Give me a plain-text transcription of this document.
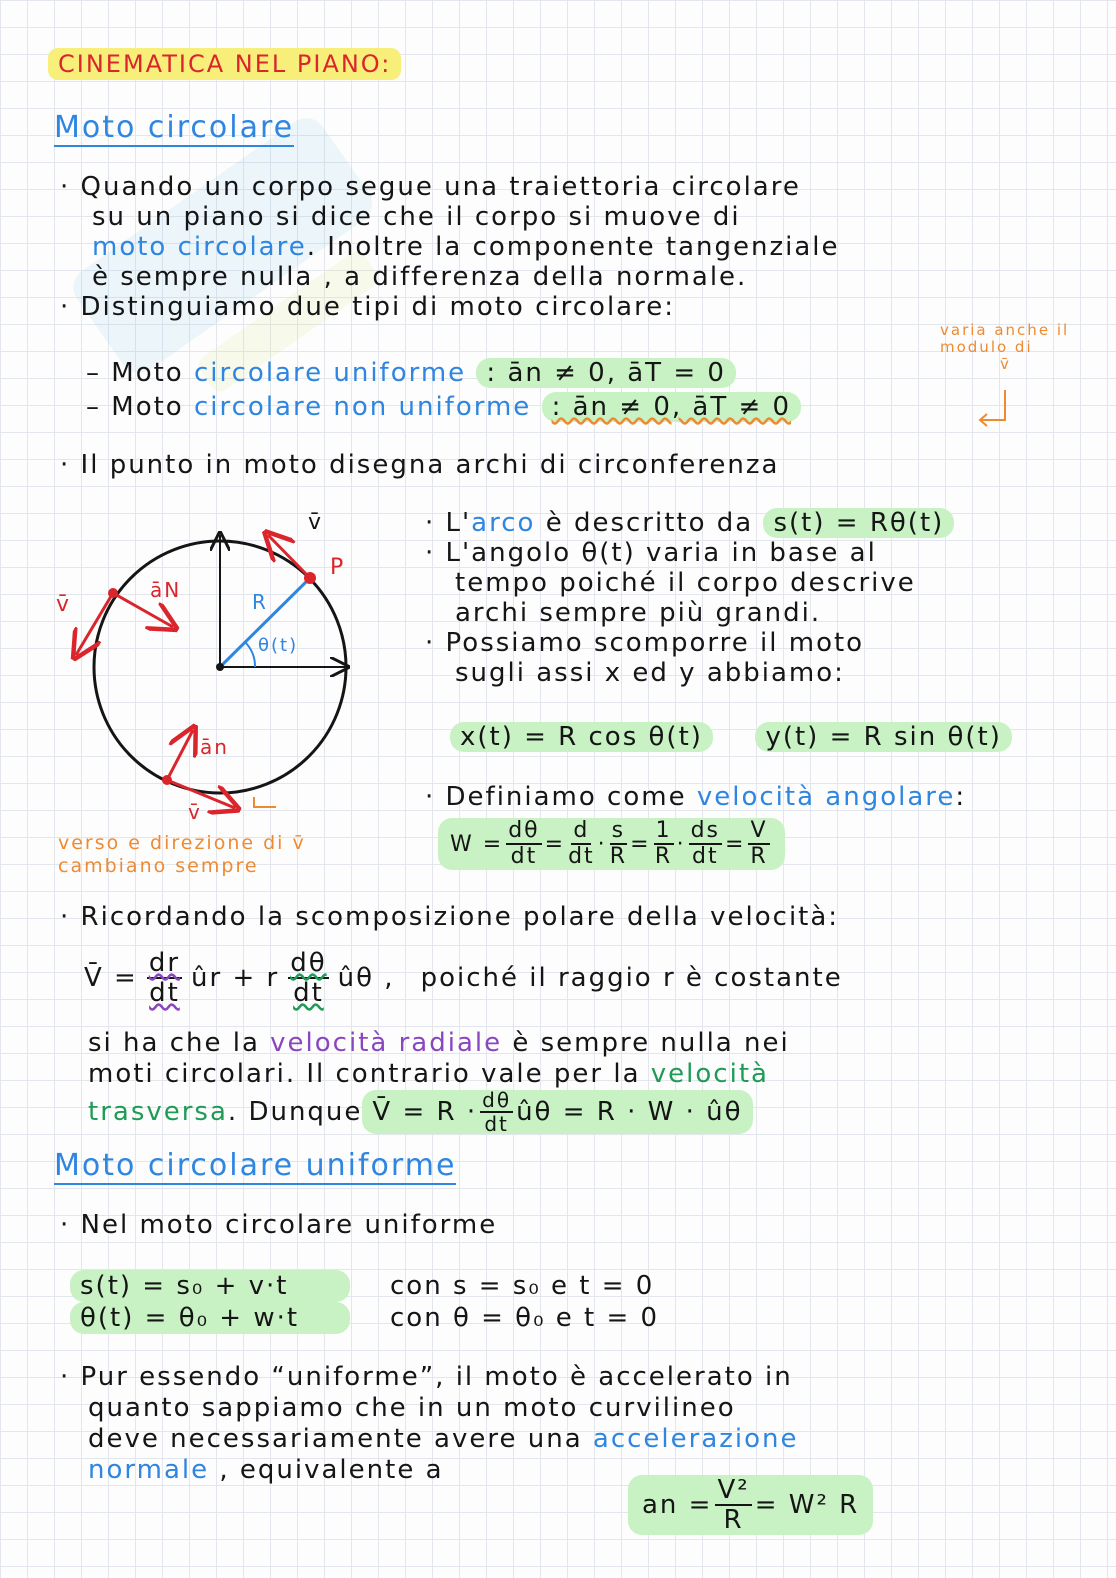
CINEMATICA NEL PIANO:
Moto circolare
· Quando un corpo segue una traiettoria circolare
su un piano si dice che il corpo si muove di
moto circolare. Inoltre la componente tangenziale
è sempre nulla , a differenza della normale.
· Distinguiamo due tipi di moto circolare:
varia anche il modulo di
v̄
– Moto circolare uniforme : ān ≠ 0, āT = 0
– Moto circolare non uniforme : ān ≠ 0, āT ≠ 0
· Il punto in moto disegna archi di circonferenza
v̄
P
v̄
āN	R
θ(t)
ān
v̄
verso e direzione di v̄
cambiano sempre
· L'arco è descritto da s(t) = Rθ(t)
· L'angolo θ(t) varia in base al
tempo poiché il corpo descrive
archi sempre più grandi.
· Possiamo scomporre il moto
sugli assi x ed y abbiamo:
x(t) = R cos θ(t) y(t) = R sin θ(t)
· Definiamo come velocità angolare:
$W = \frac{d\theta}{dt} = \frac{d}{dt} \cdot \frac{s}{R} = \frac{1}{R} \cdot \frac{ds}{dt} = \frac{V}{R}$
· Ricordando la scomposizione polare della velocità:
V̄ = $\frac{dr}{dt}$ ûr + r $\frac{d\theta}{dt}$ ûθ , poiché il raggio r è costante
si ha che la velocità radiale è sempre nulla nei
moti circolari. Il contrario vale per la velocità
trasversa . Dunque V̄ = $R \cdot \frac{d\theta}{dt}$ ûθ = R · W · ûθ
Moto circolare uniforme
· Nel moto circolare uniforme
s(t) = s₀ + v·t	con s = s₀ e t = 0
θ(t) = θ₀ + w·t	con θ = θ₀ e t = 0
· Pur essendo “uniforme”, il moto è accelerato in
quanto sappiamo che in un moto curvilineo
deve necessariamente avere una accelerazione
normale , equivalente a
an = $\frac{\text{V²}}{R} = W^2$ R
